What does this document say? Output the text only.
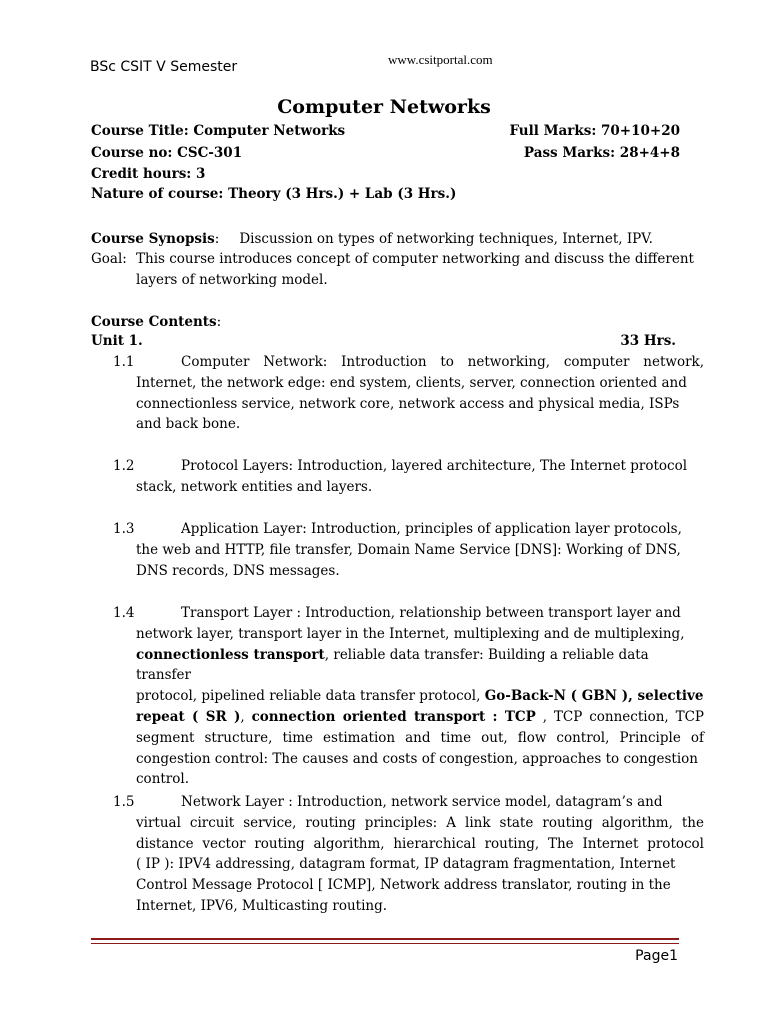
BSc CSIT V Semester	www.csitportal.com
Computer Networks
Course Title: Computer Networks	Full Marks: 70+10+20
Course no: CSC-301	Pass Marks: 28+4+8
Credit hours: 3
Nature of course: Theory (3 Hrs.) + Lab (3 Hrs.)
Course Synopsis: Discussion on types of networking techniques, Internet, IPV.
Goal: This course introduces concept of computer networking and discuss the different
layers of networking model.
Course Contents:
Unit 1.	33 Hrs.
1.1	Computer Network: Introduction to networking, computer network,
Internet, the network edge: end system, clients, server, connection oriented and
connectionless service, network core, network access and physical media, ISPs
and back bone.
1.2	Protocol Layers: Introduction, layered architecture, The Internet protocol
stack, network entities and layers.
1.3	Application Layer: Introduction, principles of application layer protocols,
the web and HTTP, file transfer, Domain Name Service [DNS]: Working of DNS,
DNS records, DNS messages.
1.4	Transport Layer : Introduction, relationship between transport layer and
network layer, transport layer in the Internet, multiplexing and de multiplexing,
connectionless transport, reliable data transfer: Building a reliable data transfer
protocol, pipelined reliable data transfer protocol, Go-Back-N ( GBN ), selective
repeat ( SR ), connection oriented transport : TCP , TCP connection, TCP
segment structure, time estimation and time out, flow control, Principle of
congestion control: The causes and costs of congestion, approaches to congestion
control.
1.5	Network Layer : Introduction, network service model, datagram’s and
virtual circuit service, routing principles: A link state routing algorithm, the
distance vector routing algorithm, hierarchical routing, The Internet protocol
( IP ): IPV4 addressing, datagram format, IP datagram fragmentation, Internet
Control Message Protocol [ ICMP], Network address translator, routing in the
Internet, IPV6, Multicasting routing.
Page1
